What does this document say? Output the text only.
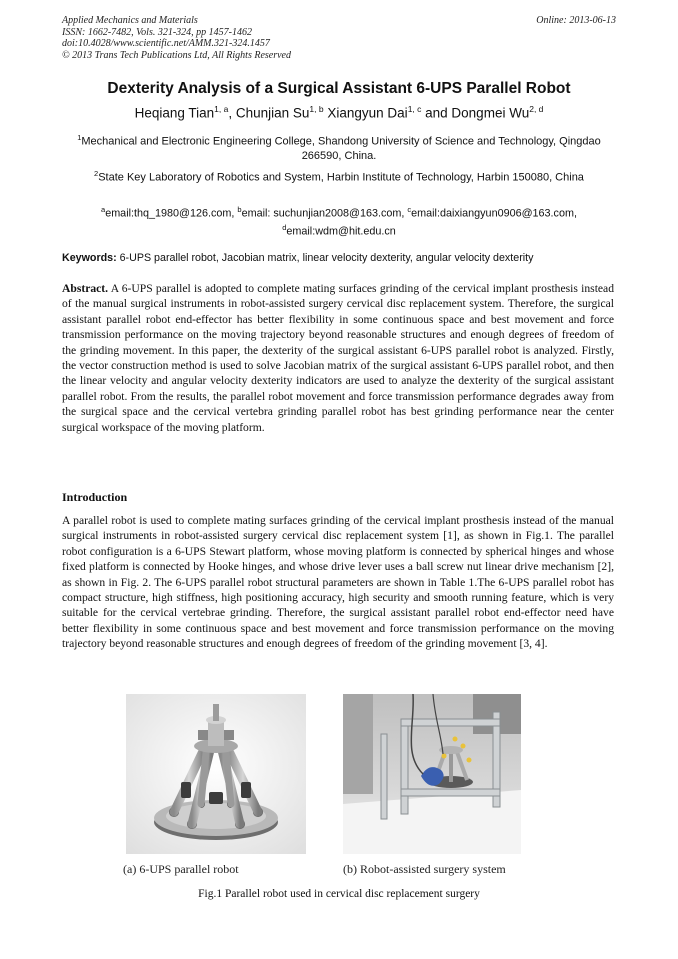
Applied Mechanics and Materials
ISSN: 1662-7482, Vols. 321-324, pp 1457-1462
doi:10.4028/www.scientific.net/AMM.321-324.1457
© 2013 Trans Tech Publications Ltd, All Rights Reserved
Online: 2013-06-13
Dexterity Analysis of a Surgical Assistant 6-UPS Parallel Robot
Heqiang Tian$^{1, a}$, Chunjian Su$^{1, b}$ Xiangyun Dai$^{1, c}$ and Dongmei Wu$^{2, d}$
$^1$Mechanical and Electronic Engineering College, Shandong University of Science and Technology, Qingdao 266590, China.
$^2$State Key Laboratory of Robotics and System, Harbin Institute of Technology, Harbin 150080, China
$^a$email:thq_1980@126.com, $^b$email: suchunjian2008@163.com, $^c$email:daixiangyun0906@163.com,
$^d$email:wdm@hit.edu.cn
Keywords: 6-UPS parallel robot, Jacobian matrix, linear velocity dexterity, angular velocity dexterity

Abstract. A 6-UPS parallel is adopted to complete mating surfaces grinding of the cervical implant prosthesis instead of the manual surgical instruments in robot-assisted surgery cervical disc replacement system. Therefore, the surgical assistant parallel robot end-effector has better flexibility in some continuous space and best movement and force transmission performance on the moving trajectory beyond reasonable structures and enough degrees of freedom of the grinding movement. In this paper, the dexterity of the surgical assistant 6-UPS parallel robot is analyzed. Firstly, the vector construction method is used to solve Jacobian matrix of the surgical assistant 6-UPS parallel robot, and then the linear velocity and angular velocity dexterity indicators are used to analyze the dexterity of the surgical assistant parallel robot. From the results, the parallel robot movement and force transmission performance degrades away from the surgical space and the cervical vertebra grinding parallel robot has best grinding performance near the center surgical workspace of the moving platform.

Introduction

A parallel robot is used to complete mating surfaces grinding of the cervical implant prosthesis instead of the manual surgical instruments in robot-assisted surgery cervical disc replacement system [1], as shown in Fig.1. The parallel robot configuration is a 6-UPS Stewart platform, whose moving platform is connected by spherical hinges and whose fixed platform is connected by Hooke hinges, and whose drive lever uses a ball screw nut linear drive mechanism [2], as shown in Fig. 2. The 6-UPS parallel robot structural parameters are shown in Table 1.The 6-UPS parallel robot has compact structure, high stiffness, high positioning accuracy, high security and smooth running feature, which is very suitable for the cervical vertebrae grinding. Therefore, the surgical assistant parallel robot end-effector need have better flexibility in some continuous space and best movement and force transmission performance on the moving trajectory beyond reasonable structures and enough degrees of freedom of the grinding movement [3, 4].

(a) 6-UPS parallel robot	(b) Robot-assisted surgery system
Fig.1 Parallel robot used in cervical disc replacement surgery
